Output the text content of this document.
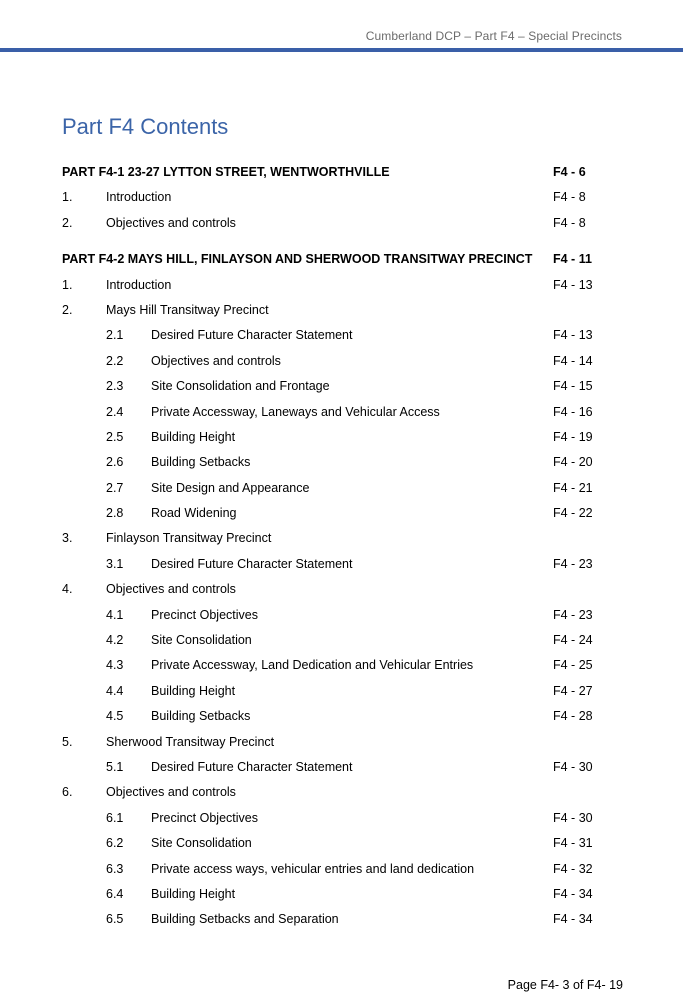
Cumberland DCP – Part F4 – Special Precincts
Part F4 Contents
PART F4-1 23-27 LYTTON STREET, WENTWORTHVILLE	F4 - 6
1.	Introduction	F4 - 8
2.	Objectives and controls	F4 - 8
PART F4-2 MAYS HILL, FINLAYSON AND SHERWOOD TRANSITWAY PRECINCT F4 - 11
1.	Introduction	F4 - 13
2.	Mays Hill Transitway Precinct
2.1 Desired Future Character Statement	F4 - 13
2.2 Objectives and controls	F4 - 14
2.3 Site Consolidation and Frontage	F4 - 15
2.4 Private Accessway, Laneways and Vehicular Access	F4 - 16
2.5 Building Height	F4 - 19
2.6 Building Setbacks	F4 - 20
2.7 Site Design and Appearance	F4 - 21
2.8 Road Widening	F4 - 22
3.	Finlayson Transitway Precinct
3.1 Desired Future Character Statement	F4 - 23
4.	Objectives and controls
4.1 Precinct Objectives	F4 - 23
4.2 Site Consolidation	F4 - 24
4.3 Private Accessway, Land Dedication and Vehicular Entries	F4 - 25
4.4 Building Height	F4 - 27
4.5 Building Setbacks	F4 - 28
5.	Sherwood Transitway Precinct
5.1 Desired Future Character Statement	F4 - 30
6.	Objectives and controls
6.1 Precinct Objectives	F4 - 30
6.2 Site Consolidation	F4 - 31
6.3 Private access ways, vehicular entries and land dedication	F4 - 32
6.4 Building Height	F4 - 34
6.5 Building Setbacks and Separation	F4 - 34
Page F4- 3 of F4- 19
